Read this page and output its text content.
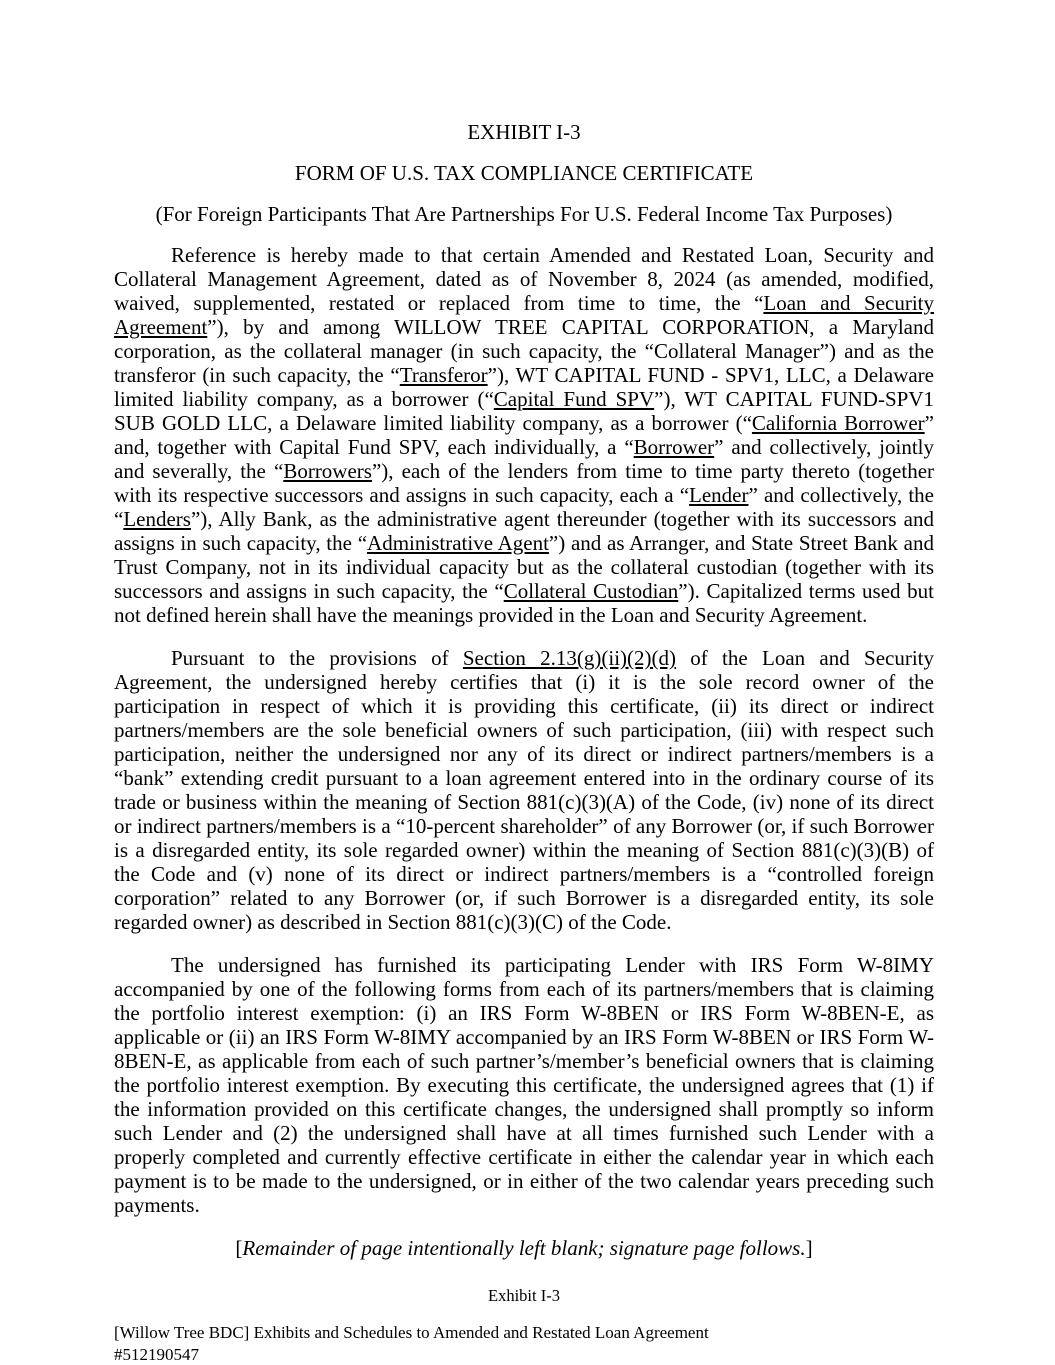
EXHIBIT I-3

FORM OF U.S. TAX COMPLIANCE CERTIFICATE

(For Foreign Participants That Are Partnerships For U.S. Federal Income Tax Purposes)

Reference is hereby made to that certain Amended and Restated Loan, Security and Collateral Management Agreement, dated as of November 8, 2024 (as amended, modified, waived, supplemented, restated or replaced from time to time, the “Loan and Security Agreement”), by and among WILLOW TREE CAPITAL CORPORATION, a Maryland corporation, as the collateral manager (in such capacity, the “Collateral Manager”) and as the transferor (in such capacity, the “Transferor”), WT CAPITAL FUND - SPV1, LLC, a Delaware limited liability company, as a borrower (“Capital Fund SPV”), WT CAPITAL FUND-SPV1 SUB GOLD LLC, a Delaware limited liability company, as a borrower (“California Borrower” and, together with Capital Fund SPV, each individually, a “Borrower” and collectively, jointly and severally, the “Borrowers”), each of the lenders from time to time party thereto (together with its respective successors and assigns in such capacity, each a “Lender” and collectively, the “Lenders”), Ally Bank, as the administrative agent thereunder (together with its successors and assigns in such capacity, the “Administrative Agent”) and as Arranger, and State Street Bank and Trust Company, not in its individual capacity but as the collateral custodian (together with its successors and assigns in such capacity, the “Collateral Custodian”). Capitalized terms used but not defined herein shall have the meanings provided in the Loan and Security Agreement.

Pursuant to the provisions of Section 2.13(g)(ii)(2)(d) of the Loan and Security Agreement, the undersigned hereby certifies that (i) it is the sole record owner of the participation in respect of which it is providing this certificate, (ii) its direct or indirect partners/members are the sole beneficial owners of such participation, (iii) with respect such participation, neither the undersigned nor any of its direct or indirect partners/members is a “bank” extending credit pursuant to a loan agreement entered into in the ordinary course of its trade or business within the meaning of Section 881(c)(3)(A) of the Code, (iv) none of its direct or indirect partners/members is a “10-percent shareholder” of any Borrower (or, if such Borrower is a disregarded entity, its sole regarded owner) within the meaning of Section 881(c)(3)(B) of the Code and (v) none of its direct or indirect partners/members is a “controlled foreign corporation” related to any Borrower (or, if such Borrower is a disregarded entity, its sole regarded owner) as described in Section 881(c)(3)(C) of the Code.

The undersigned has furnished its participating Lender with IRS Form W-8IMY accompanied by one of the following forms from each of its partners/members that is claiming the portfolio interest exemption: (i) an IRS Form W-8BEN or IRS Form W-8BEN-E, as applicable or (ii) an IRS Form W-8IMY accompanied by an IRS Form W-8BEN or IRS Form W-8BEN-E, as applicable from each of such partner’s/member’s beneficial owners that is claiming the portfolio interest exemption. By executing this certificate, the undersigned agrees that (1) if the information provided on this certificate changes, the undersigned shall promptly so inform such Lender and (2) the undersigned shall have at all times furnished such Lender with a properly completed and currently effective certificate in either the calendar year in which each payment is to be made to the undersigned, or in either of the two calendar years preceding such payments.

[Remainder of page intentionally left blank; signature page follows.]

Exhibit I-3

[Willow Tree BDC] Exhibits and Schedules to Amended and Restated Loan Agreement

#512190547
